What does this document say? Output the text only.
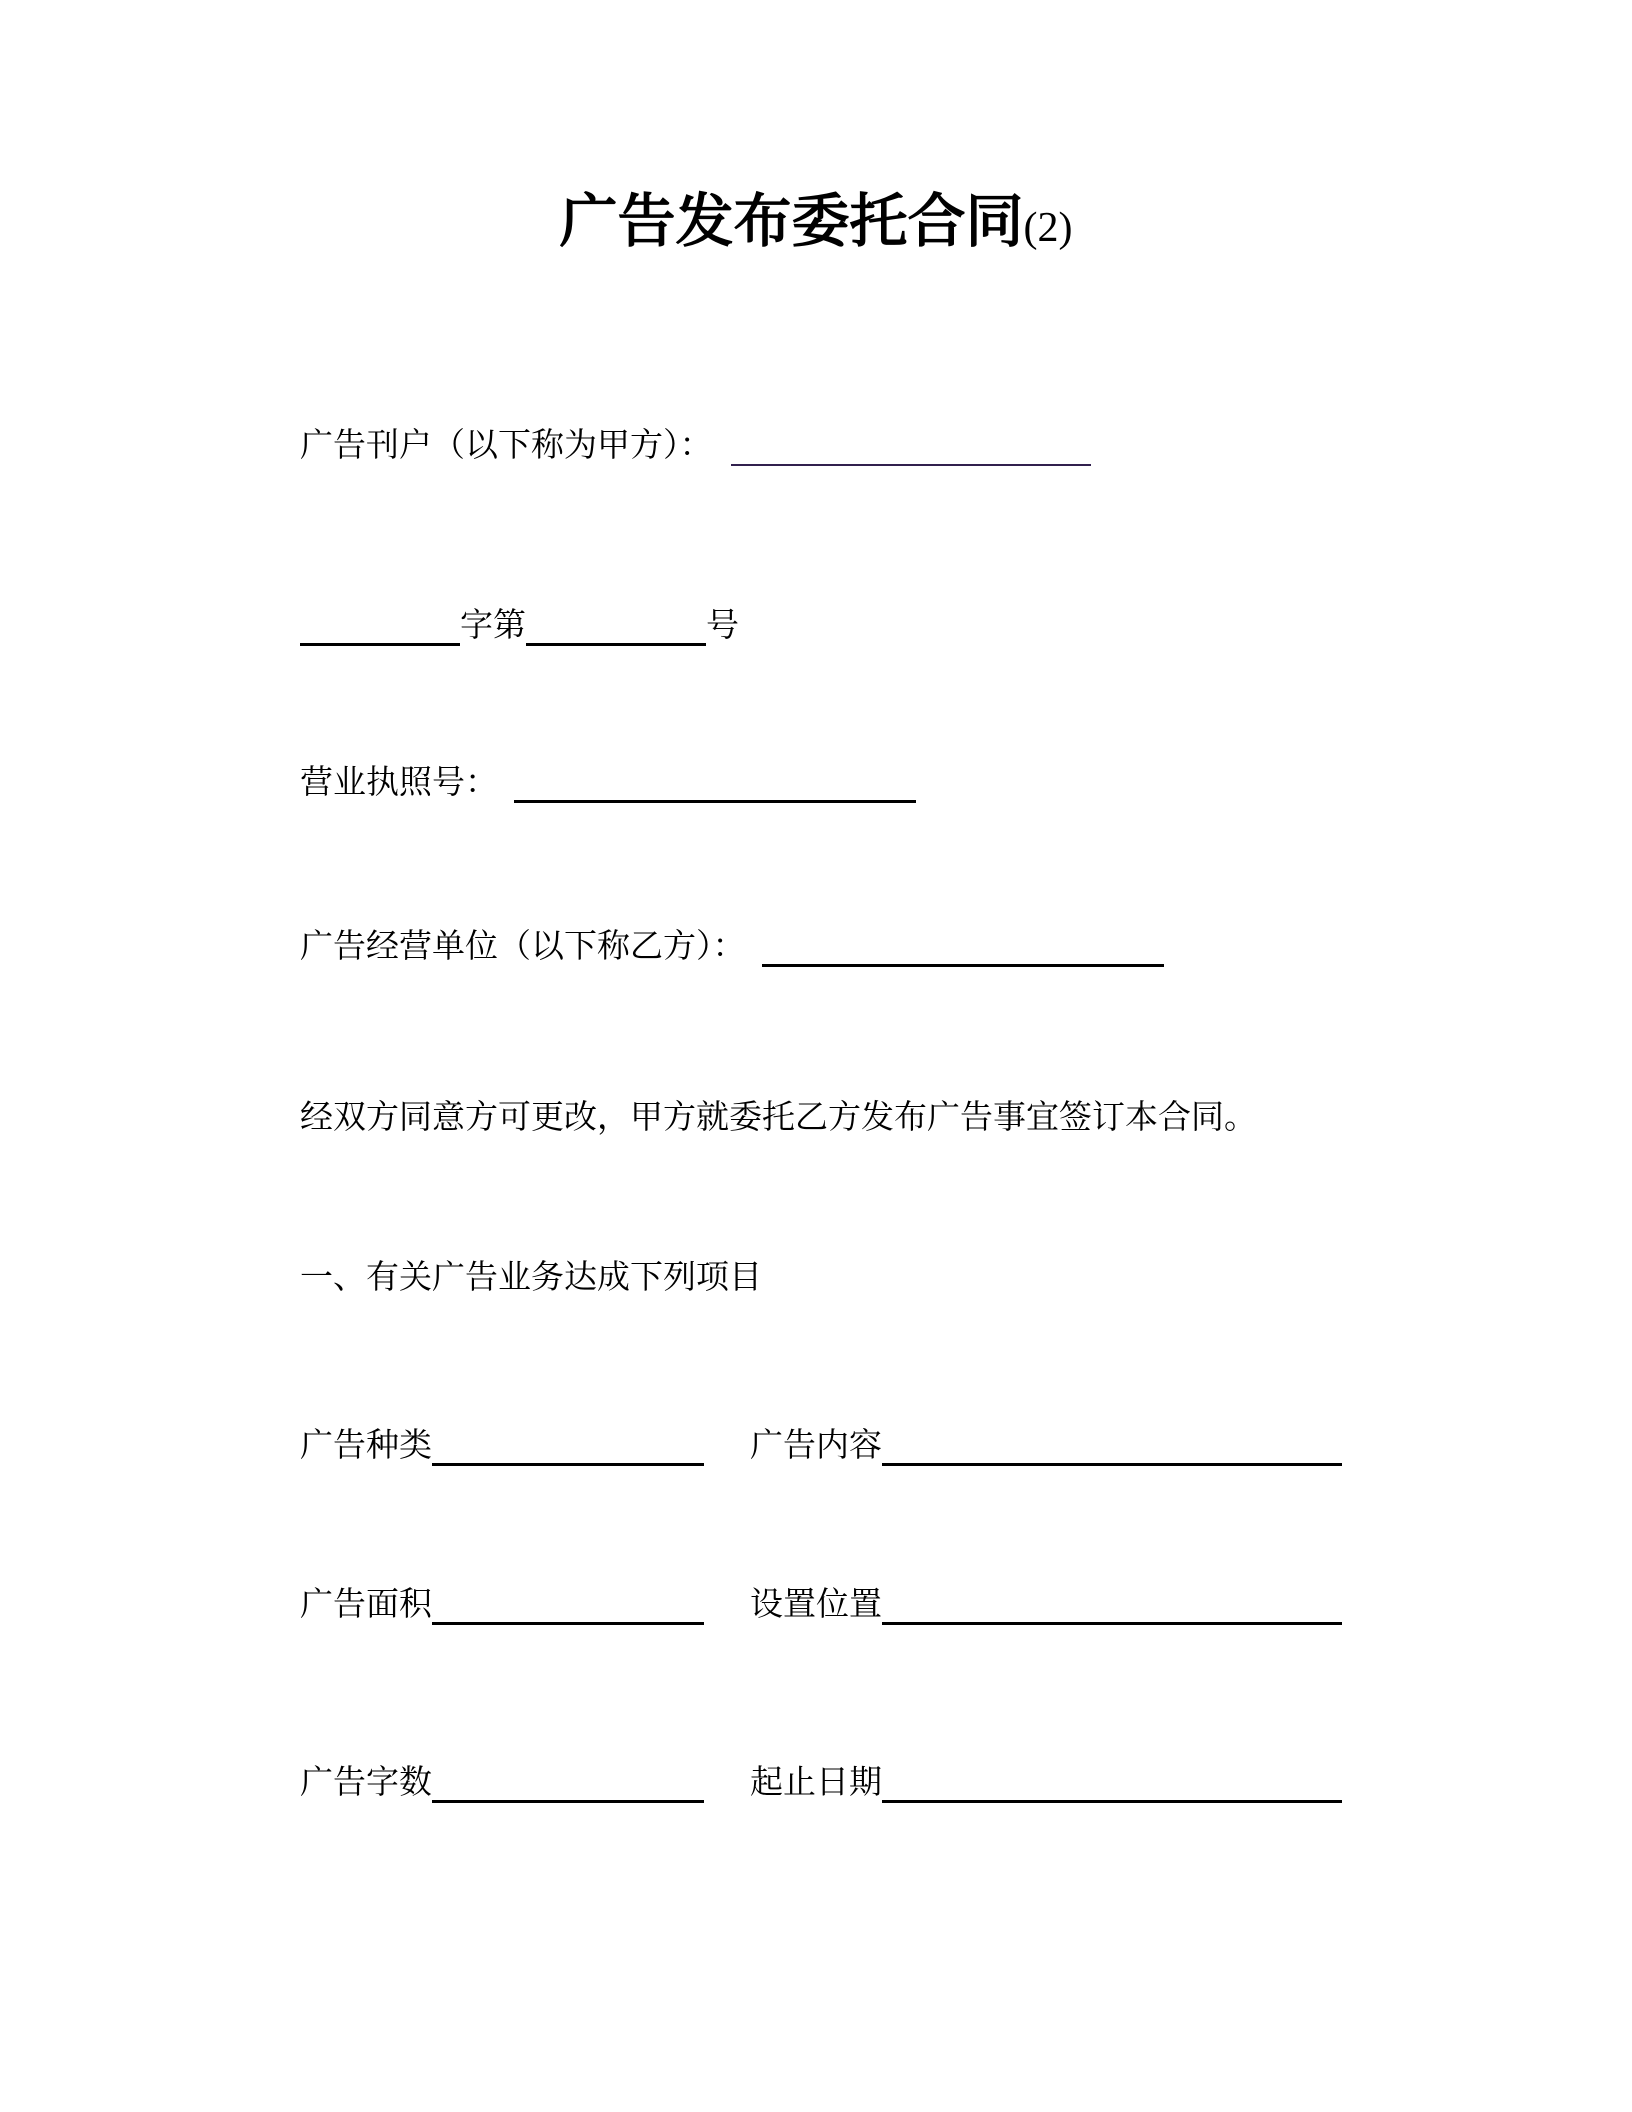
广告发布委托合同(2)
广告刊户（以下称为甲方）：
字第	号
营业执照号：
广告经营单位（以下称乙方）：
经双方同意方可更改，甲方就委托乙方发布广告事宜签订本合同。
一、有关广告业务达成下列项目
广告种类	广告内容
广告面积	设置位置
广告字数	起止日期
